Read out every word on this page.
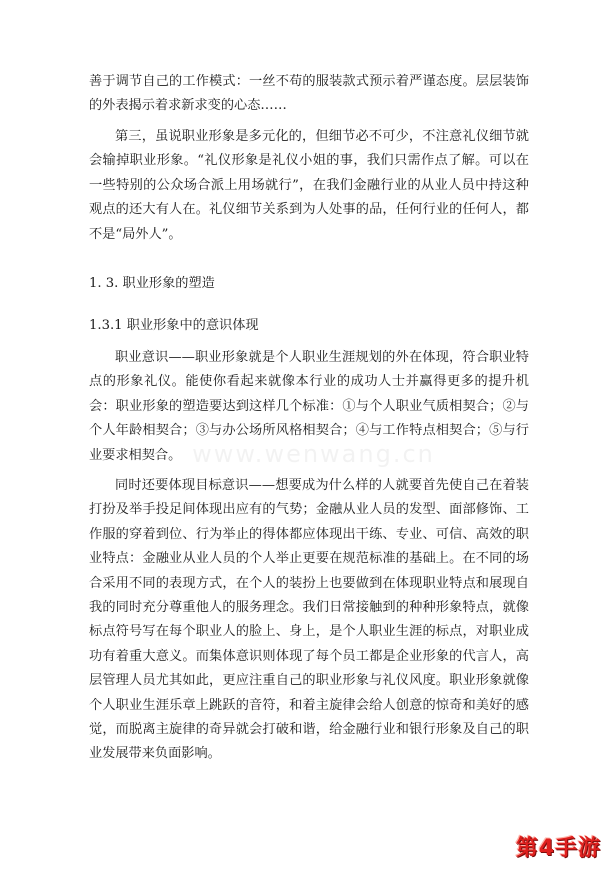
善于调节自己的工作模式：一丝不苟的服装款式预示着严谨态度。层层装饰的外表揭示着求新求变的心态……

第三，虽说职业形象是多元化的，但细节必不可少，不注意礼仪细节就会输掉职业形象。“礼仪形象是礼仪小姐的事，我们只需作点了解。可以在一些特别的公众场合派上用场就行”，在我们金融行业的从业人员中持这种观点的还大有人在。礼仪细节关系到为人处事的品，任何行业的任何人，都不是“局外人”。

1. 3. 职业形象的塑造

1.3.1 职业形象中的意识体现

职业意识——职业形象就是个人职业生涯规划的外在体现，符合职业特点的形象礼仪。能使你看起来就像本行业的成功人士并赢得更多的提升机会：职业形象的塑造要达到这样几个标准：①与个人职业气质相契合；②与个人年龄相契合；③与办公场所风格相契合；④与工作特点相契合；⑤与行业要求相契合。

同时还要体现目标意识——想要成为什么样的人就要首先使自己在着装打扮及举手投足间体现出应有的气势；金融从业人员的发型、面部修饰、工作服的穿着到位、行为举止的得体都应体现出干练、专业、可信、高效的职业特点：金融业从业人员的个人举止更要在规范标准的基础上。在不同的场合采用不同的表现方式，在个人的装扮上也要做到在体现职业特点和展现自我的同时充分尊重他人的服务理念。我们日常接触到的种种形象特点，就像标点符号写在每个职业人的脸上、身上，是个人职业生涯的标点，对职业成功有着重大意义。而集体意识则体现了每个员工都是企业形象的代言人，高层管理人员尤其如此，更应注重自己的职业形象与礼仪风度。职业形象就像个人职业生涯乐章上跳跃的音符，和着主旋律会给人创意的惊奇和美好的感觉，而脱离主旋律的奇异就会打破和谐，给金融行业和银行形象及自己的职业发展带来负面影响。

www.wenwang.cn
第4手游
